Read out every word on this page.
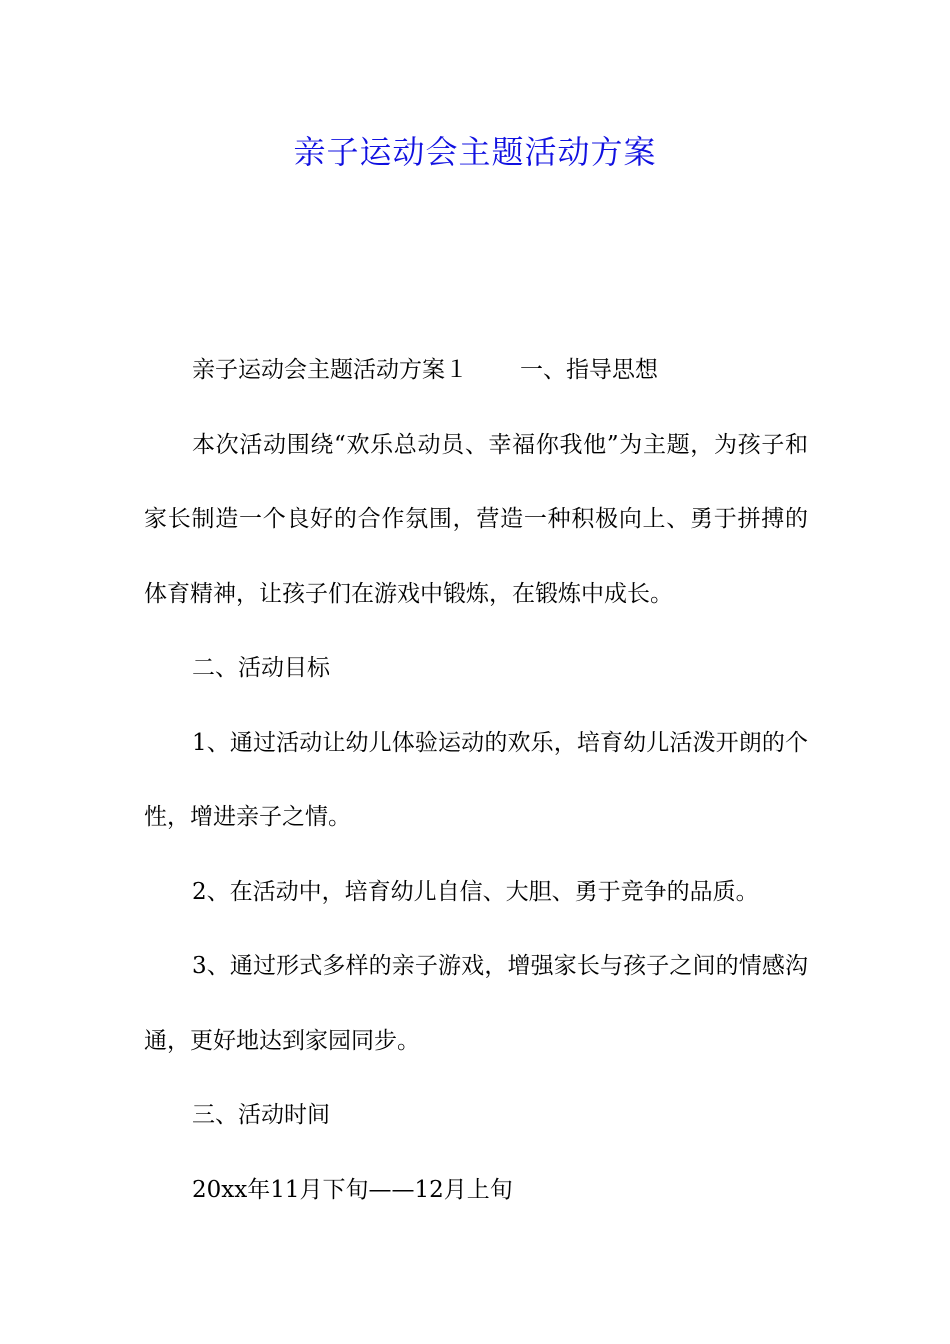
亲子运动会主题活动方案

亲子运动会主题活动方案１ 一、指导思想

本次活动围绕“欢乐总动员、幸福你我他”为主题，为孩子和家长制造一个良好的合作氛围，营造一种积极向上、勇于拼搏的体育精神，让孩子们在游戏中锻炼，在锻炼中成长。

二、活动目标

1、通过活动让幼儿体验运动的欢乐，培育幼儿活泼开朗的个性，增进亲子之情。

2、在活动中，培育幼儿自信、大胆、勇于竞争的品质。

3、通过形式多样的亲子游戏，增强家长与孩子之间的情感沟通，更好地达到家园同步。

三、活动时间

20xx年11月下旬——12月上旬
